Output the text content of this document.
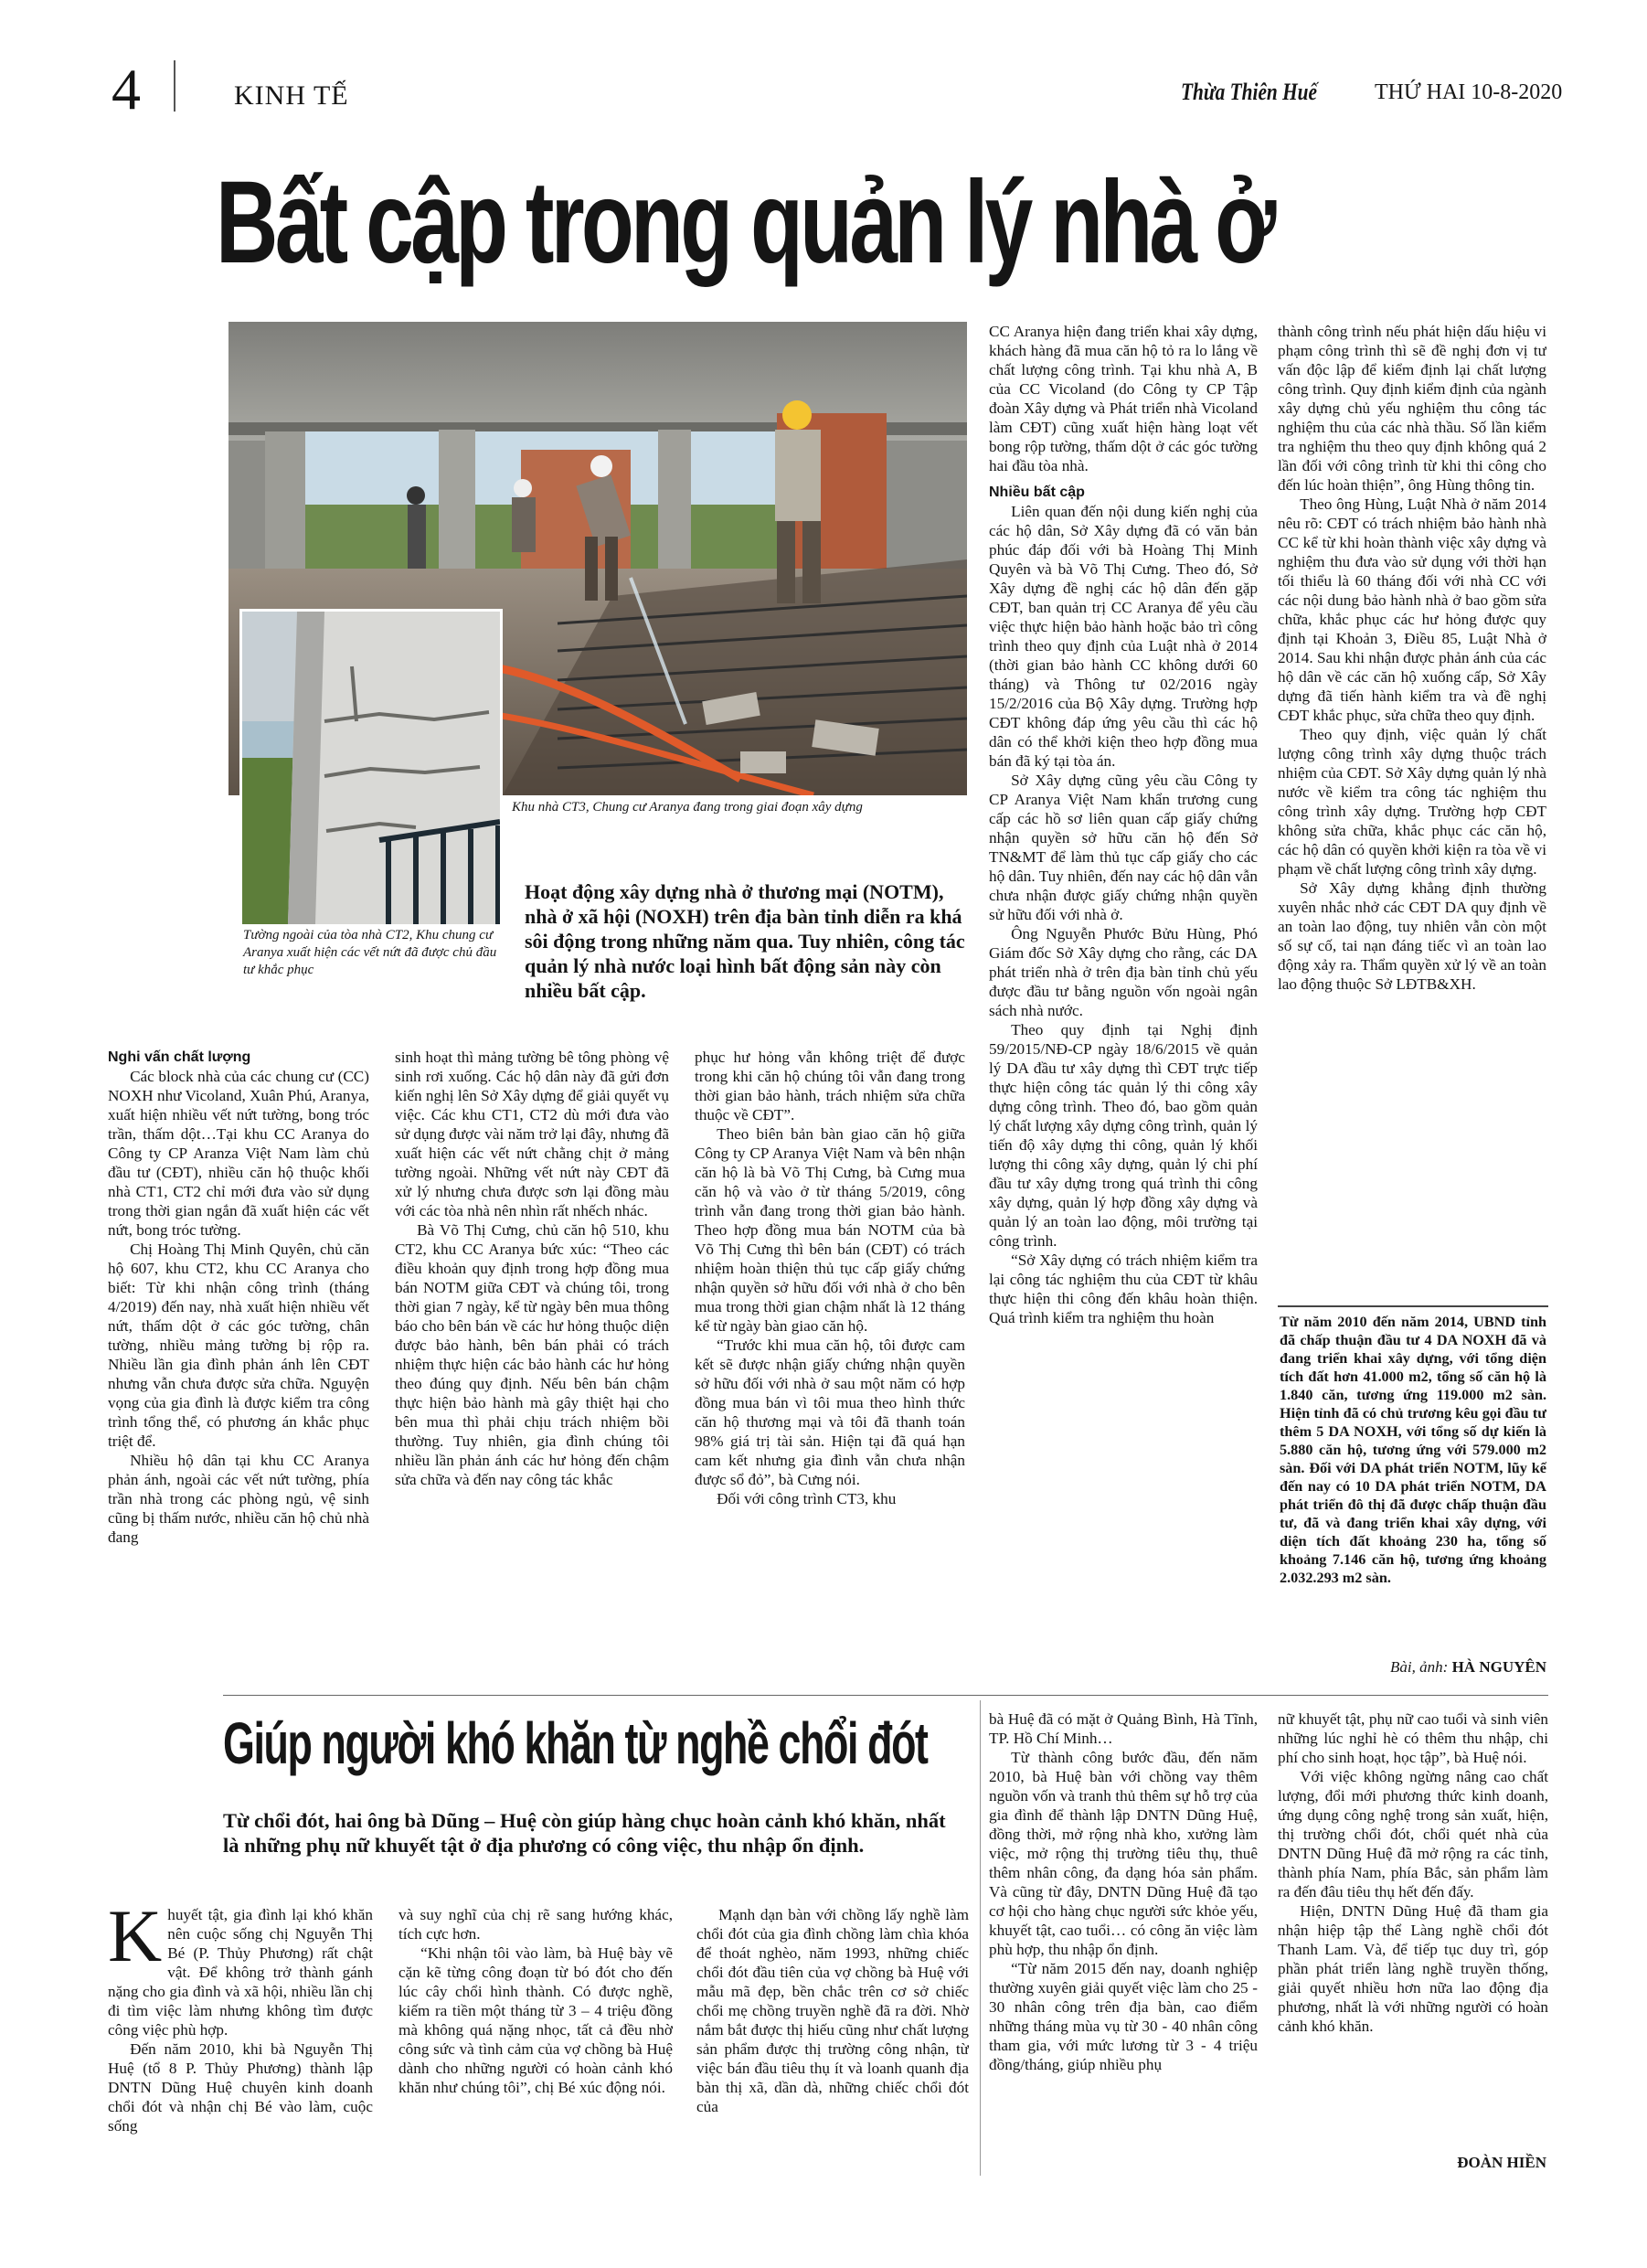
4	KINH TẾ	Thừa Thiên Huế	THỨ HAI 10-8-2020
Bất cập trong quản lý nhà ở
Khu nhà CT3, Chung cư Aranya đang trong giai đoạn xây dựng
Tường ngoài của tòa nhà CT2, Khu chung cư Aranya xuất hiện các vết nứt đã được chủ đầu tư khắc phục
Hoạt động xây dựng nhà ở thương mại (NOTM), nhà ở xã hội (NOXH) trên địa bàn tỉnh diễn ra khá sôi động trong những năm qua. Tuy nhiên, công tác quản lý nhà nước loại hình bất động sản này còn nhiều bất cập.

Nghi vấn chất lượng

Các block nhà của các chung cư (CC) NOXH như Vicoland, Xuân Phú, Aranya, xuất hiện nhiều vết nứt tường, bong tróc trần, thấm dột…Tại khu CC Aranya do Công ty CP Aranza Việt Nam làm chủ đầu tư (CĐT), nhiều căn hộ thuộc khối nhà CT1, CT2 chỉ mới đưa vào sử dụng trong thời gian ngắn đã xuất hiện các vết nứt, bong tróc tường.

Chị Hoàng Thị Minh Quyên, chủ căn hộ 607, khu CT2, khu CC Aranya cho biết: Từ khi nhận công trình (tháng 4/2019) đến nay, nhà xuất hiện nhiều vết nứt, thấm dột ở các góc tường, chân tường, nhiều mảng tường bị rộp ra. Nhiều lần gia đình phản ánh lên CĐT nhưng vẫn chưa được sửa chữa. Nguyện vọng của gia đình là được kiểm tra công trình tổng thể, có phương án khắc phục triệt để.

Nhiều hộ dân tại khu CC Aranya phản ánh, ngoài các vết nứt tường, phía trần nhà trong các phòng ngủ, vệ sinh cũng bị thấm nước, nhiều căn hộ chủ nhà đang

sinh hoạt thì mảng tường bê tông phòng vệ sinh rơi xuống. Các hộ dân này đã gửi đơn kiến nghị lên Sở Xây dựng để giải quyết vụ việc. Các khu CT1, CT2 dù mới đưa vào sử dụng được vài năm trở lại đây, nhưng đã xuất hiện các vết nứt chằng chịt ở mảng tường ngoài. Những vết nứt này CĐT đã xử lý nhưng chưa được sơn lại đồng màu với các tòa nhà nên nhìn rất nhếch nhác.

Bà Võ Thị Cưng, chủ căn hộ 510, khu CT2, khu CC Aranya bức xúc: “Theo các điều khoản quy định trong hợp đồng mua bán NOTM giữa CĐT và chúng tôi, trong thời gian 7 ngày, kể từ ngày bên mua thông báo cho bên bán về các hư hỏng thuộc diện được bảo hành, bên bán phải có trách nhiệm thực hiện các bảo hành các hư hỏng theo đúng quy định. Nếu bên bán chậm thực hiện bảo hành mà gây thiệt hại cho bên mua thì phải chịu trách nhiệm bồi thường. Tuy nhiên, gia đình chúng tôi nhiều lần phản ánh các hư hỏng đến chậm sửa chữa và đến nay công tác khắc

phục hư hỏng vẫn không triệt để được trong khi căn hộ chúng tôi vẫn đang trong thời gian bảo hành, trách nhiệm sửa chữa thuộc về CĐT”.

Theo biên bản bàn giao căn hộ giữa Công ty CP Aranya Việt Nam và bên nhận căn hộ là bà Võ Thị Cưng, bà Cưng mua căn hộ và vào ở từ tháng 5/2019, công trình vẫn đang trong thời gian bảo hành. Theo hợp đồng mua bán NOTM của bà Võ Thị Cưng thì bên bán (CĐT) có trách nhiệm hoàn thiện thủ tục cấp giấy chứng nhận quyền sở hữu đối với nhà ở cho bên mua trong thời gian chậm nhất là 12 tháng kể từ ngày bàn giao căn hộ.

“Trước khi mua căn hộ, tôi được cam kết sẽ được nhận giấy chứng nhận quyền sở hữu đối với nhà ở sau một năm có hợp đồng mua bán vì tôi mua theo hình thức căn hộ thương mại và tôi đã thanh toán 98% giá trị tài sản. Hiện tại đã quá hạn cam kết nhưng gia đình vẫn chưa nhận được sổ đỏ”, bà Cưng nói.

Đối với công trình CT3, khu

CC Aranya hiện đang triển khai xây dựng, khách hàng đã mua căn hộ tỏ ra lo lắng về chất lượng công trình. Tại khu nhà A, B của CC Vicoland (do Công ty CP Tập đoàn Xây dựng và Phát triển nhà Vicoland làm CĐT) cũng xuất hiện hàng loạt vết bong rộp tường, thấm dột ở các góc tường hai đầu tòa nhà.

Nhiều bất cập

Liên quan đến nội dung kiến nghị của các hộ dân, Sở Xây dựng đã có văn bản phúc đáp đối với bà Hoàng Thị Minh Quyên và bà Võ Thị Cưng. Theo đó, Sở Xây dựng đề nghị các hộ dân đến gặp CĐT, ban quản trị CC Aranya để yêu cầu việc thực hiện bảo hành hoặc bảo trì công trình theo quy định của Luật nhà ở 2014 (thời gian bảo hành CC không dưới 60 tháng) và Thông tư 02/2016 ngày 15/2/2016 của Bộ Xây dựng. Trường hợp CĐT không đáp ứng yêu cầu thì các hộ dân có thể khởi kiện theo hợp đồng mua bán đã ký tại tòa án.

Sở Xây dựng cũng yêu cầu Công ty CP Aranya Việt Nam khẩn trương cung cấp các hồ sơ liên quan cấp giấy chứng nhận quyền sở hữu căn hộ đến Sở TN&MT để làm thủ tục cấp giấy cho các hộ dân. Tuy nhiên, đến nay các hộ dân vẫn chưa nhận được giấy chứng nhận quyền sử hữu đối với nhà ở.

Ông Nguyễn Phước Bửu Hùng, Phó Giám đốc Sở Xây dựng cho rằng, các DA phát triển nhà ở trên địa bàn tỉnh chủ yếu được đầu tư bằng nguồn vốn ngoài ngân sách nhà nước.

Theo quy định tại Nghị định 59/2015/NĐ-CP ngày 18/6/2015 về quản lý DA đầu tư xây dựng thì CĐT trực tiếp thực hiện công tác quản lý thi công xây dựng công trình. Theo đó, bao gồm quản lý chất lượng xây dựng công trình, quản lý tiến độ xây dựng thi công, quản lý khối lượng thi công xây dựng, quản lý chi phí đầu tư xây dựng trong quá trình thi công xây dựng, quản lý hợp đồng xây dựng và quản lý an toàn lao động, môi trường tại công trình.

“Sở Xây dựng có trách nhiệm kiểm tra lại công tác nghiệm thu của CĐT từ khâu thực hiện thi công đến khâu hoàn thiện. Quá trình kiểm tra nghiệm thu hoàn

thành công trình nếu phát hiện dấu hiệu vi phạm công trình thì sẽ đề nghị đơn vị tư vấn độc lập để kiểm định lại chất lượng công trình. Quy định kiểm định của ngành xây dựng chủ yếu nghiệm thu công tác nghiệm thu của các nhà thầu. Số lần kiểm tra nghiệm thu theo quy định không quá 2 lần đối với công trình từ khi thi công cho đến lúc hoàn thiện”, ông Hùng thông tin.

Theo ông Hùng, Luật Nhà ở năm 2014 nêu rõ: CĐT có trách nhiệm bảo hành nhà CC kể từ khi hoàn thành việc xây dựng và nghiệm thu đưa vào sử dụng với thời hạn tối thiểu là 60 tháng đối với nhà CC với các nội dung bảo hành nhà ở bao gồm sửa chữa, khắc phục các hư hỏng được quy định tại Khoản 3, Điều 85, Luật Nhà ở 2014. Sau khi nhận được phản ánh của các hộ dân về các căn hộ xuống cấp, Sở Xây dựng đã tiến hành kiểm tra và đề nghị CĐT khắc phục, sửa chữa theo quy định.

Theo quy định, việc quản lý chất lượng công trình xây dựng thuộc trách nhiệm của CĐT. Sở Xây dựng quản lý nhà nước về kiểm tra công tác nghiệm thu công trình xây dựng. Trường hợp CĐT không sửa chữa, khắc phục các căn hộ, các hộ dân có quyền khởi kiện ra tòa về vi phạm về chất lượng công trình xây dựng.

Sở Xây dựng khẳng định thường xuyên nhắc nhở các CĐT DA quy định về an toàn lao động, tuy nhiên vẫn còn một số sự cố, tai nạn đáng tiếc vì an toàn lao động xảy ra. Thẩm quyền xử lý về an toàn lao động thuộc Sở LĐTB&XH.

Từ năm 2010 đến năm 2014, UBND tỉnh đã chấp thuận đầu tư 4 DA NOXH đã và đang triển khai xây dựng, với tổng diện tích đất hơn 41.000 m2, tổng số căn hộ là 1.840 căn, tương ứng 119.000 m2 sàn. Hiện tỉnh đã có chủ trương kêu gọi đầu tư thêm 5 DA NOXH, với tổng số dự kiến là 5.880 căn hộ, tương ứng với 579.000 m2 sàn. Đối với DA phát triển NOTM, lũy kế đến nay có 10 DA phát triển NOTM, DA phát triển đô thị đã được chấp thuận đầu tư, đã và đang triển khai xây dựng, với diện tích đất khoảng 230 ha, tổng số khoảng 7.146 căn hộ, tương ứng khoảng 2.032.293 m2 sàn.
Bài, ảnh: HÀ NGUYÊN
Giúp người khó khăn từ nghề chổi đót
Từ chổi đót, hai ông bà Dũng – Huệ còn giúp hàng chục hoàn cảnh khó khăn, nhất là những phụ nữ khuyết tật ở địa phương có công việc, thu nhập ổn định.

Khuyết tật, gia đình lại khó khăn nên cuộc sống chị Nguyễn Thị Bé (P. Thủy Phương) rất chật vật. Để không trở thành gánh nặng cho gia đình và xã hội, nhiều lần chị đi tìm việc làm nhưng không tìm được công việc phù hợp.

Đến năm 2010, khi bà Nguyễn Thị Huệ (tổ 8 P. Thủy Phương) thành lập DNTN Dũng Huệ chuyên kinh doanh chổi đót và nhận chị Bé vào làm, cuộc sống

và suy nghĩ của chị rẽ sang hướng khác, tích cực hơn.

“Khi nhận tôi vào làm, bà Huệ bày vẽ cặn kẽ từng công đoạn từ bó đót cho đến lúc cây chổi hình thành. Có được nghề, kiếm ra tiền một tháng từ 3 – 4 triệu đồng mà không quá nặng nhọc, tất cả đều nhờ công sức và tình cảm của vợ chồng bà Huệ dành cho những người có hoàn cảnh khó khăn như chúng tôi”, chị Bé xúc động nói.

Mạnh dạn bàn với chồng lấy nghề làm chổi đót của gia đình chồng làm chìa khóa để thoát nghèo, năm 1993, những chiếc chổi đót đầu tiên của vợ chồng bà Huệ với mẫu mã đẹp, bền chắc trên cơ sở chiếc chổi mẹ chồng truyền nghề đã ra đời. Nhờ nắm bắt được thị hiếu cũng như chất lượng sản phẩm được thị trường công nhận, từ việc bán đầu tiêu thụ ít và loanh quanh địa bàn thị xã, dần dà, những chiếc chổi đót của

bà Huệ đã có mặt ở Quảng Bình, Hà Tĩnh, TP. Hồ Chí Minh…

Từ thành công bước đầu, đến năm 2010, bà Huệ bàn với chồng vay thêm nguồn vốn và tranh thủ thêm sự hỗ trợ của gia đình để thành lập DNTN Dũng Huệ, đồng thời, mở rộng nhà kho, xưởng làm việc, mở rộng thị trường tiêu thụ, thuê thêm nhân công, đa dạng hóa sản phẩm. Và cũng từ đây, DNTN Dũng Huệ đã tạo cơ hội cho hàng chục người sức khỏe yếu, khuyết tật, cao tuổi… có công ăn việc làm phù hợp, thu nhập ổn định.

“Từ năm 2015 đến nay, doanh nghiệp thường xuyên giải quyết việc làm cho 25 - 30 nhân công trên địa bàn, cao điểm những tháng mùa vụ từ 30 - 40 nhân công tham gia, với mức lương từ 3 - 4 triệu đồng/tháng, giúp nhiều phụ

nữ khuyết tật, phụ nữ cao tuổi và sinh viên những lúc nghỉ hè có thêm thu nhập, chi phí cho sinh hoạt, học tập”, bà Huệ nói.

Với việc không ngừng nâng cao chất lượng, đổi mới phương thức kinh doanh, ứng dụng công nghệ trong sản xuất, hiện, thị trường chổi đót, chổi quét nhà của DNTN Dũng Huệ đã mở rộng ra các tỉnh, thành phía Nam, phía Bắc, sản phẩm làm ra đến đâu tiêu thụ hết đến đấy.

Hiện, DNTN Dũng Huệ đã tham gia nhận hiệp tập thể Làng nghề chổi đót Thanh Lam. Và, để tiếp tục duy trì, góp phần phát triển làng nghề truyền thống, giải quyết nhiều hơn nữa lao động địa phương, nhất là với những người có hoàn cảnh khó khăn.

ĐOÀN HIỀN
